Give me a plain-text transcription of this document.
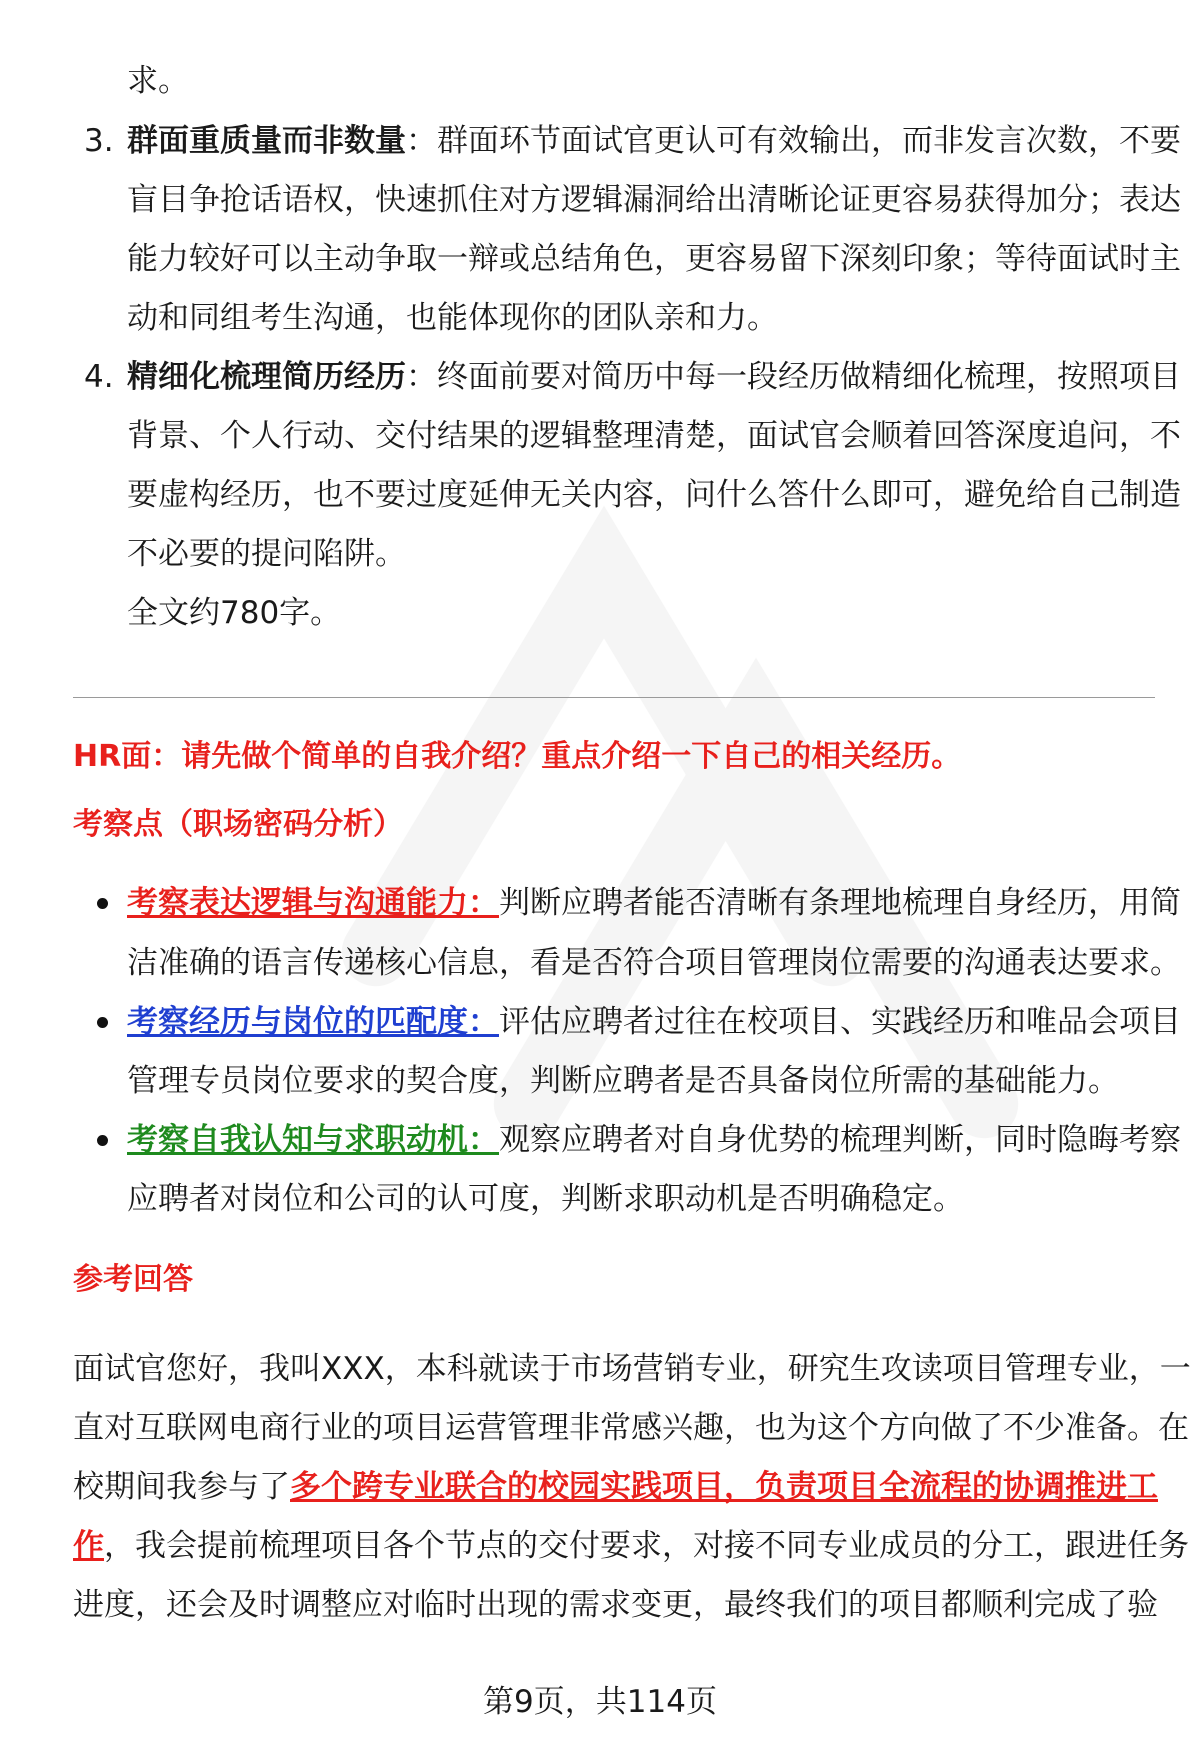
求。
3. 群面重质量而非数量：群面环节面试官更认可有效输出，而非发言次数，不要
盲目争抢话语权，快速抓住对方逻辑漏洞给出清晰论证更容易获得加分；表达
能力较好可以主动争取一辩或总结角色，更容易留下深刻印象；等待面试时主
动和同组考生沟通，也能体现你的团队亲和力。
4. 精细化梳理简历经历：终面前要对简历中每一段经历做精细化梳理，按照项目
背景、个人行动、交付结果的逻辑整理清楚，面试官会顺着回答深度追问，不
要虚构经历，也不要过度延伸无关内容，问什么答什么即可，避免给自己制造
不必要的提问陷阱。
全文约780字。
HR面：请先做个简单的自我介绍？重点介绍一下自己的相关经历。
考察点（职场密码分析）
考察表达逻辑与沟通能力：判断应聘者能否清晰有条理地梳理自身经历，用简
洁准确的语言传递核心信息，看是否符合项目管理岗位需要的沟通表达要求。
考察经历与岗位的匹配度：评估应聘者过往在校项目、实践经历和唯品会项目
管理专员岗位要求的契合度，判断应聘者是否具备岗位所需的基础能力。
考察自我认知与求职动机：观察应聘者对自身优势的梳理判断，同时隐晦考察
应聘者对岗位和公司的认可度，判断求职动机是否明确稳定。
参考回答
面试官您好，我叫XXX，本科就读于市场营销专业，研究生攻读项目管理专业，一
直对互联网电商行业的项目运营管理非常感兴趣，也为这个方向做了不少准备。在
校期间我参与了多个跨专业联合的校园实践项目，负责项目全流程的协调推进工
作，我会提前梳理项目各个节点的交付要求，对接不同专业成员的分工，跟进任务
进度，还会及时调整应对临时出现的需求变更，最终我们的项目都顺利完成了验
第9页，共114页
